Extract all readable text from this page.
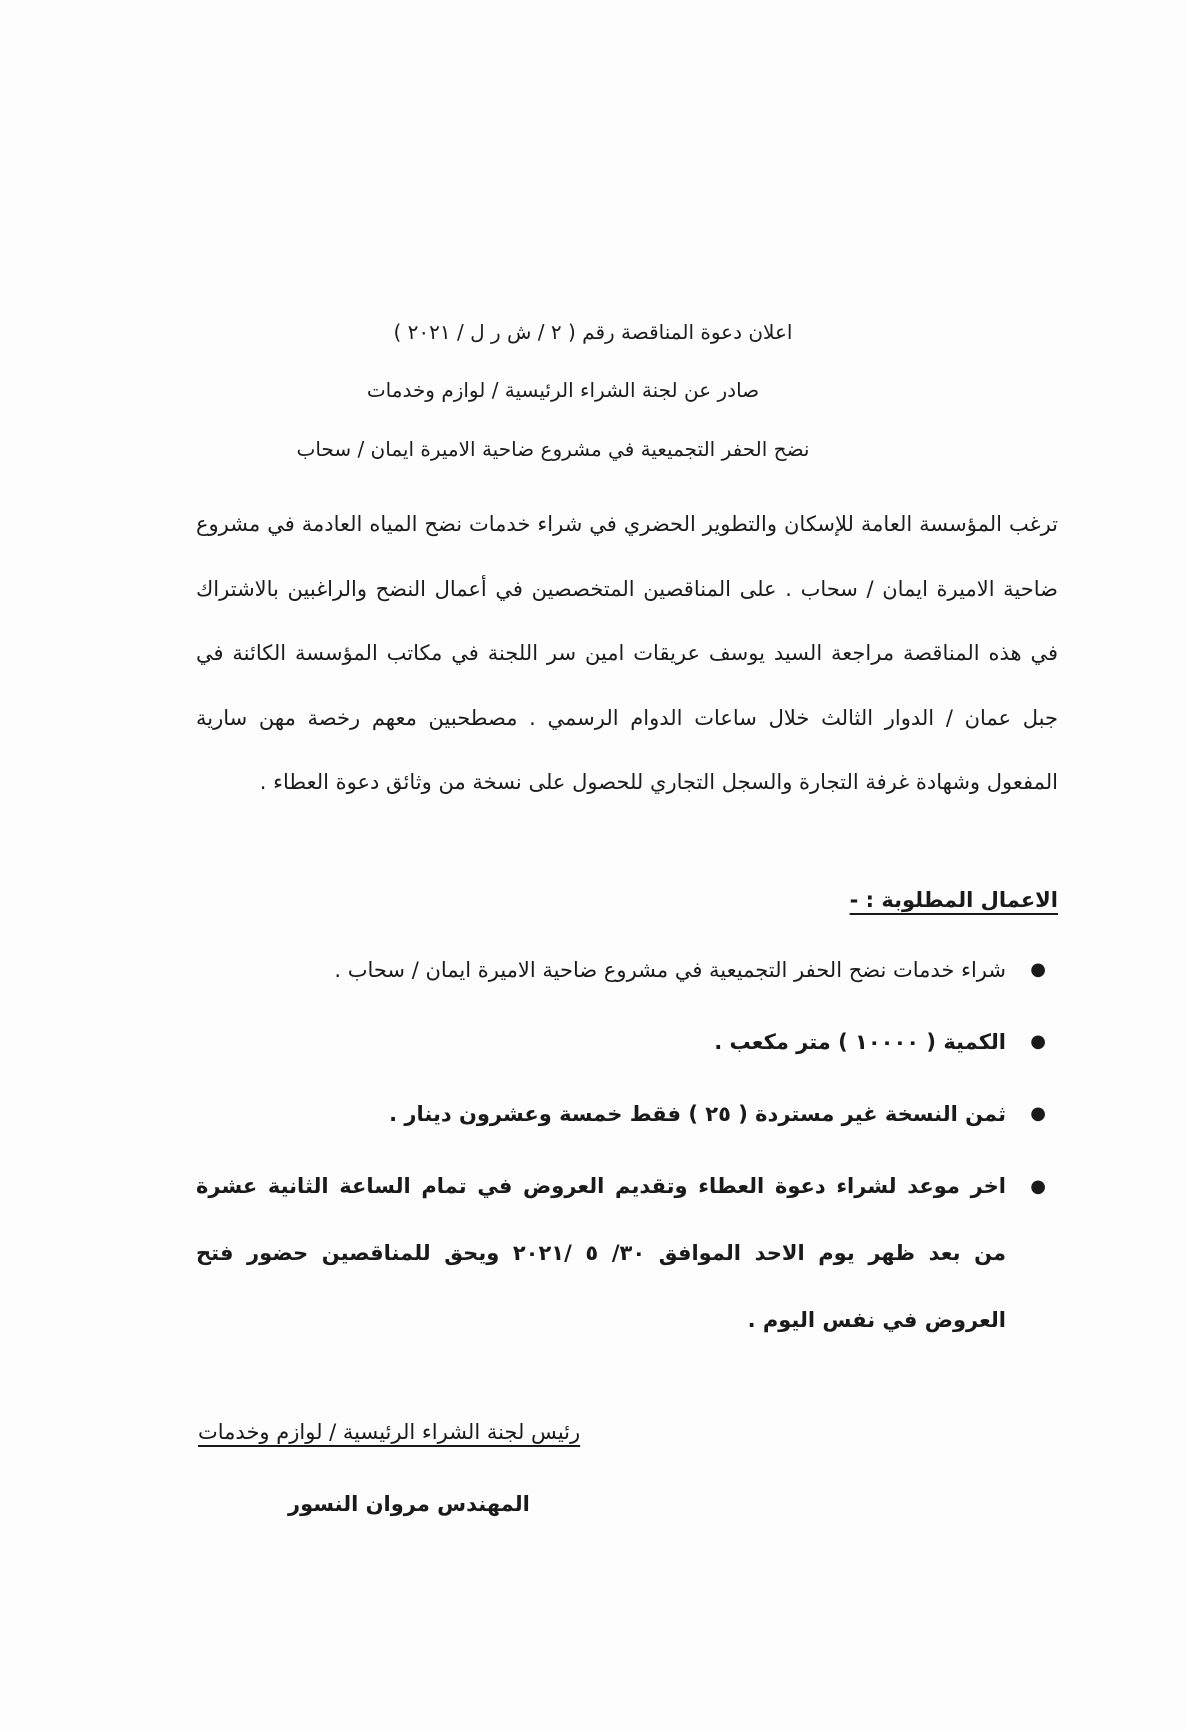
اعلان دعوة المناقصة رقم ( ٢ / ش ر ل / ٢٠٢١ )
صادر عن لجنة الشراء الرئيسية / لوازم وخدمات
نضح الحفر التجميعية في مشروع ضاحية الاميرة ايمان / سحاب
ترغب المؤسسة العامة للإسكان والتطوير الحضري في شراء خدمات نضح المياه العادمة في مشروع ضاحية الاميرة ايمان / سحاب . على المناقصين المتخصصين في أعمال النضح والراغبين بالاشتراك في هذه المناقصة مراجعة السيد يوسف عريقات امين سر اللجنة في مكاتب المؤسسة الكائنة في جبل عمان / الدوار الثالث خلال ساعات الدوام الرسمي . مصطحبين معهم رخصة مهن سارية المفعول وشهادة غرفة التجارة والسجل التجاري للحصول على نسخة من وثائق دعوة العطاء .
الاعمال المطلوبة : -
●
شراء خدمات نضح الحفر التجميعية في مشروع ضاحية الاميرة ايمان / سحاب .
●
الكمية ( ١٠٠٠٠ ) متر مكعب .
●
ثمن النسخة غير مستردة ( ٢٥ ) فقط خمسة وعشرون دينار .
●
اخر موعد لشراء دعوة العطاء وتقديم العروض في تمام الساعة الثانية عشرة من بعد ظهر يوم الاحد الموافق ٣٠/ ٥ /٢٠٢١ ويحق للمناقصين حضور فتح العروض في نفس اليوم .
رئيس لجنة الشراء الرئيسية / لوازم وخدمات
المهندس مروان النسور
